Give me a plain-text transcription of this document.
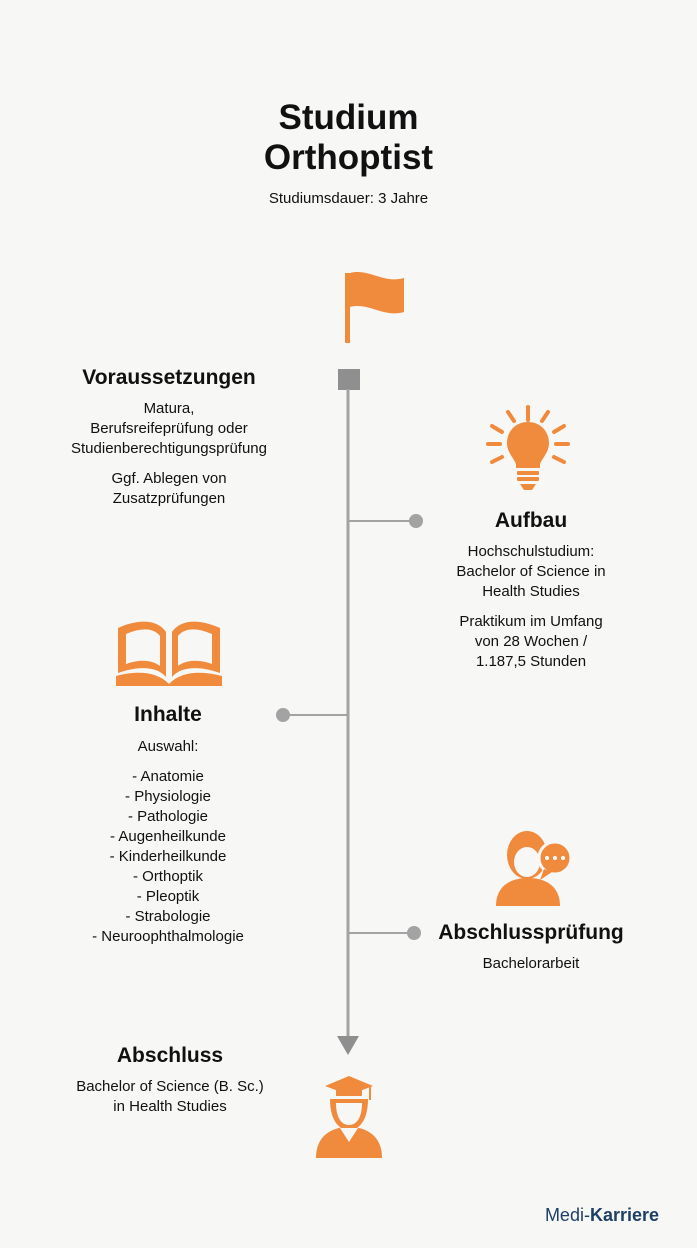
Studium
Orthoptist
Studiumsdauer: 3 Jahre
Voraussetzungen
Matura,
Berufsreifeprüfung oder
Studienberechtigungsprüfung
Ggf. Ablegen von
Zusatzprüfungen
Aufbau
Hochschulstudium:
Bachelor of Science in
Health Studies
Praktikum im Umfang
von 28 Wochen /
1.187,5 Stunden
Inhalte
Auswahl:
- Anatomie
- Physiologie
- Pathologie
- Augenheilkunde
- Kinderheilkunde
- Orthoptik
- Pleoptik
- Strabologie
- Neuroophthalmologie	Abschlussprüfung
Bachelorarbeit
Abschluss
Bachelor of Science (B. Sc.)
in Health Studies
Medi-Karriere
